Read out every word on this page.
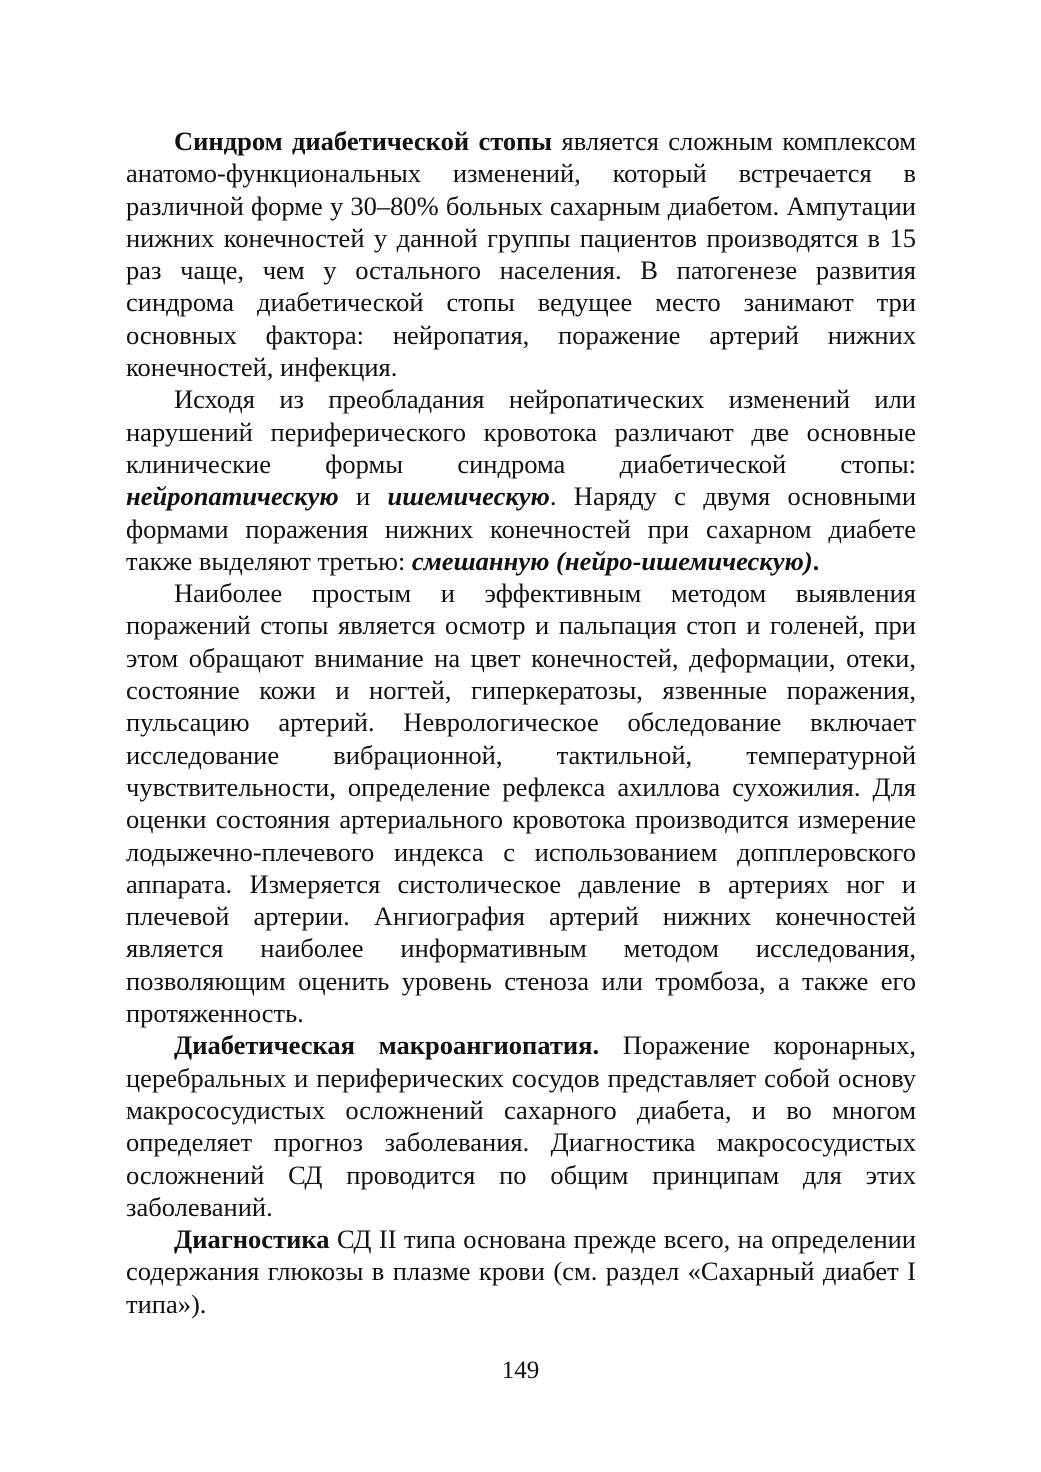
Синдром диабетической стопы является сложным комплексом анатомо-функциональных изменений, который встречается в различной форме у 30–80% больных сахарным диабетом. Ампутации нижних конечностей у данной группы пациентов производятся в 15 раз чаще, чем у остального населения. В патогенезе развития синдрома диабетической стопы ведущее место занимают три основных фактора: нейропатия, поражение артерий нижних конечностей, инфекция.

Исходя из преобладания нейропатических изменений или нарушений периферического кровотока различают две основные клинические формы синдрома диабетической стопы: нейропатическую и ишемическую. Наряду с двумя основными формами поражения нижних конечностей при сахарном диабете также выделяют третью: смешанную (нейро-ишемическую).

Наиболее простым и эффективным методом выявления поражений стопы является осмотр и пальпация стоп и голеней, при этом обращают внимание на цвет конечностей, деформации, отеки, состояние кожи и ногтей, гиперкератозы, язвенные поражения, пульсацию артерий. Неврологическое обследование включает исследование вибрационной, тактильной, температурной чувствительности, определение рефлекса ахиллова сухожилия. Для оценки состояния артериального кровотока производится измерение лодыжечно-плечевого индекса с использованием допплеровского аппарата. Измеряется систолическое давление в артериях ног и плечевой артерии. Ангиография артерий нижних конечностей является наиболее информативным методом исследования, позволяющим оценить уровень стеноза или тромбоза, а также его протяженность.

Диабетическая макроангиопатия. Поражение коронарных, церебральных и периферических сосудов представляет собой основу макрососудистых осложнений сахарного диабета, и во многом определяет прогноз заболевания. Диагностика макрососудистых осложнений СД проводится по общим принципам для этих заболеваний.

Диагностика СД II типа основана прежде всего, на определении содержания глюкозы в плазме крови (см. раздел «Сахарный диабет I типа»).

149
